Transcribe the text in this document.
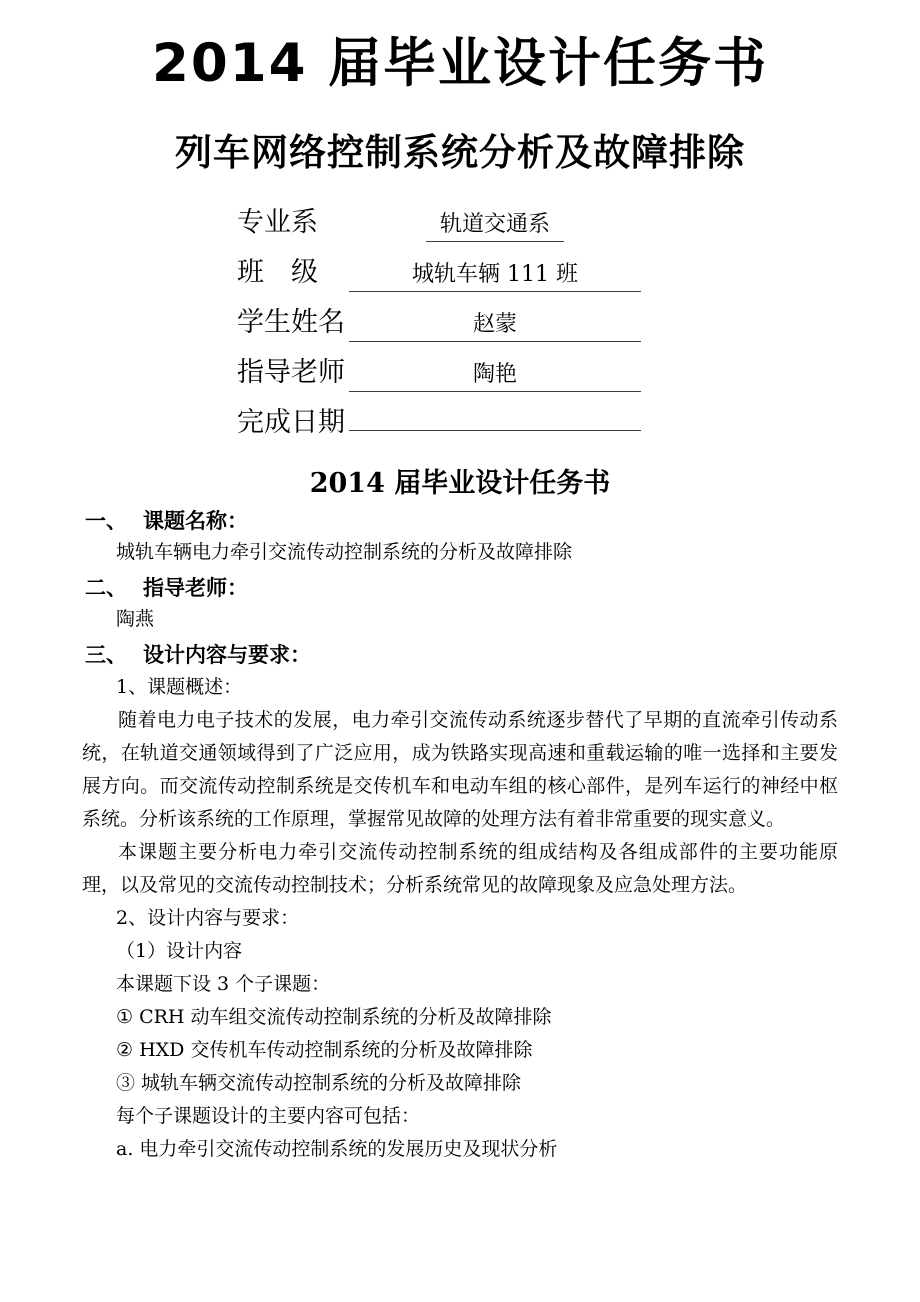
2014 届毕业设计任务书
列车网络控制系统分析及故障排除
专业系	轨道交通系
班　级	城轨车辆 111 班
学生姓名	赵蒙
指导老师	陶艳
完成日期
2014 届毕业设计任务书
一、 课题名称：
城轨车辆电力牵引交流传动控制系统的分析及故障排除
二、 指导老师：
陶燕
三、 设计内容与要求：
1、课题概述：

随着电力电子技术的发展，电力牵引交流传动系统逐步替代了早期的直流牵引传动系统，在轨道交通领域得到了广泛应用，成为铁路实现高速和重载运输的唯一选择和主要发展方向。而交流传动控制系统是交传机车和电动车组的核心部件，是列车运行的神经中枢系统。分析该系统的工作原理，掌握常见故障的处理方法有着非常重要的现实意义。

本课题主要分析电力牵引交流传动控制系统的组成结构及各组成部件的主要功能原理，以及常见的交流传动控制技术；分析系统常见的故障现象及应急处理方法。

2、设计内容与要求：
（1）设计内容
本课题下设 3 个子课题：
① CRH 动车组交流传动控制系统的分析及故障排除
② HXD 交传机车传动控制系统的分析及故障排除
③ 城轨车辆交流传动控制系统的分析及故障排除
每个子课题设计的主要内容可包括：
a. 电力牵引交流传动控制系统的发展历史及现状分析
